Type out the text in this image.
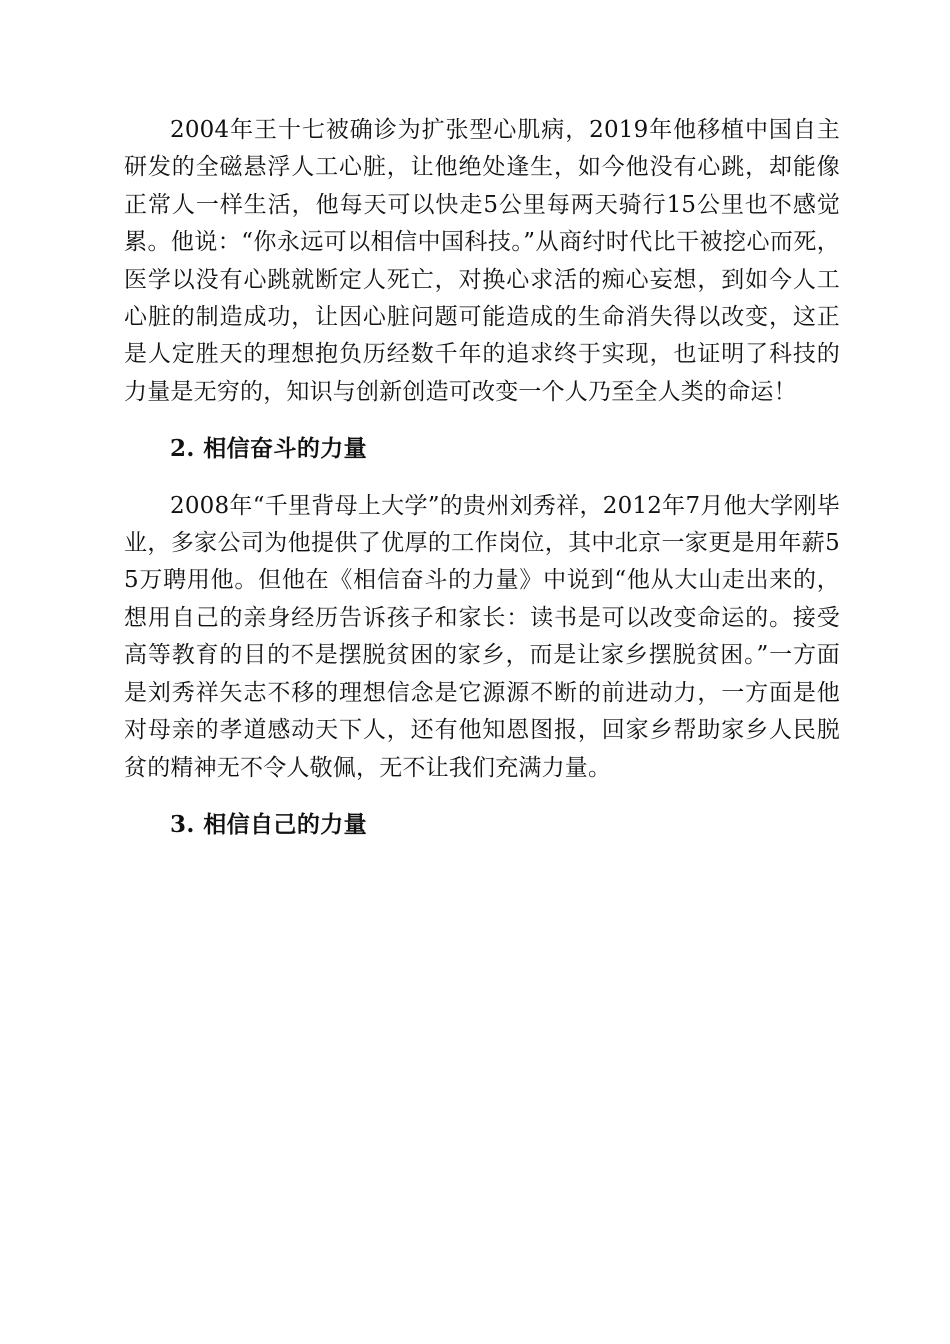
2004年王十七被确诊为扩张型心肌病，2019年他移植中国自主研发的全磁悬浮人工心脏，让他绝处逢生，如今他没有心跳，却能像正常人一样生活，他每天可以快走5公里每两天骑行15公里也不感觉累。他说：“你永远可以相信中国科技。”从商纣时代比干被挖心而死，医学以没有心跳就断定人死亡，对换心求活的痴心妄想，到如今人工心脏的制造成功，让因心脏问题可能造成的生命消失得以改变，这正是人定胜天的理想抱负历经数千年的追求终于实现，也证明了科技的力量是无穷的，知识与创新创造可改变一个人乃至全人类的命运！

2. 相信奋斗的力量

2008年“千里背母上大学”的贵州刘秀祥，2012年7月他大学刚毕业，多家公司为他提供了优厚的工作岗位，其中北京一家更是用年薪55万聘用他。但他在《相信奋斗的力量》中说到“他从大山走出来的，想用自己的亲身经历告诉孩子和家长：读书是可以改变命运的。接受高等教育的目的不是摆脱贫困的家乡，而是让家乡摆脱贫困。”一方面是刘秀祥矢志不移的理想信念是它源源不断的前进动力，一方面是他对母亲的孝道感动天下人，还有他知恩图报，回家乡帮助家乡人民脱贫的精神无不令人敬佩，无不让我们充满力量。

3. 相信自己的力量
